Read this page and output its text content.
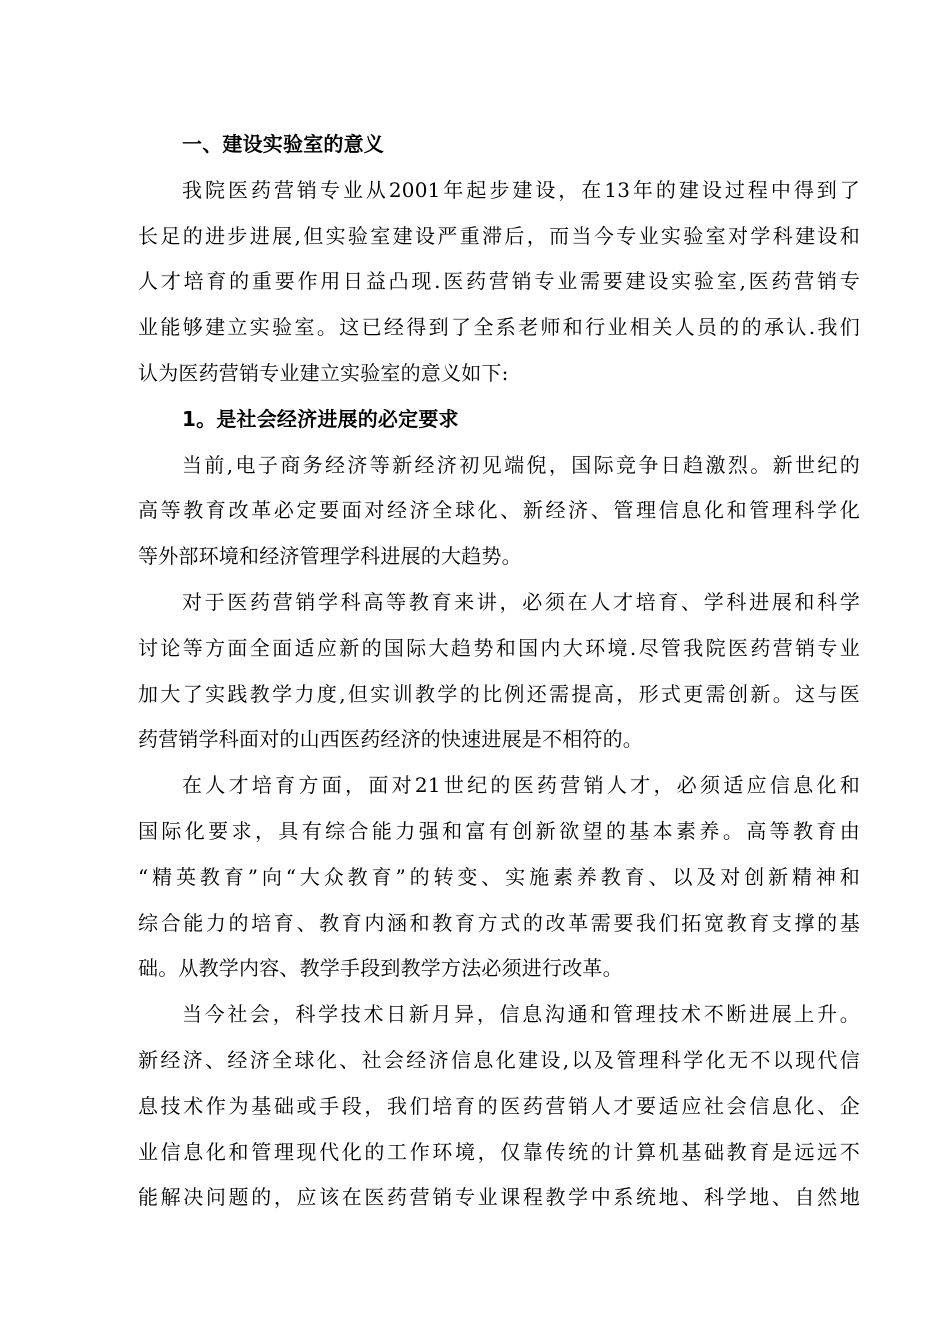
一、建设实验室的意义
我院医药营销专业从2001年起步建设，在13年的建设过程中得到了
长足的进步进展,但实验室建设严重滞后，而当今专业实验室对学科建设和
人才培育的重要作用日益凸现.医药营销专业需要建设实验室,医药营销专
业能够建立实验室。这已经得到了全系老师和行业相关人员的的承认.我们
认为医药营销专业建立实验室的意义如下:
1。是社会经济进展的必定要求
当前,电子商务经济等新经济初见端倪，国际竞争日趋激烈。新世纪的
高等教育改革必定要面对经济全球化、新经济、管理信息化和管理科学化
等外部环境和经济管理学科进展的大趋势。
对于医药营销学科高等教育来讲，必须在人才培育、学科进展和科学
讨论等方面全面适应新的国际大趋势和国内大环境.尽管我院医药营销专业
加大了实践教学力度,但实训教学的比例还需提高，形式更需创新。这与医
药营销学科面对的山西医药经济的快速进展是不相符的。
在人才培育方面，面对21世纪的医药营销人才，必须适应信息化和
国际化要求，具有综合能力强和富有创新欲望的基本素养。高等教育由
“精英教育”向“大众教育”的转变、实施素养教育、以及对创新精神和
综合能力的培育、教育内涵和教育方式的改革需要我们拓宽教育支撑的基
础。从教学内容、教学手段到教学方法必须进行改革。
当今社会，科学技术日新月异，信息沟通和管理技术不断进展上升。
新经济、经济全球化、社会经济信息化建设,以及管理科学化无不以现代信
息技术作为基础或手段，我们培育的医药营销人才要适应社会信息化、企
业信息化和管理现代化的工作环境，仅靠传统的计算机基础教育是远远不
能解决问题的，应该在医药营销专业课程教学中系统地、科学地、自然地
